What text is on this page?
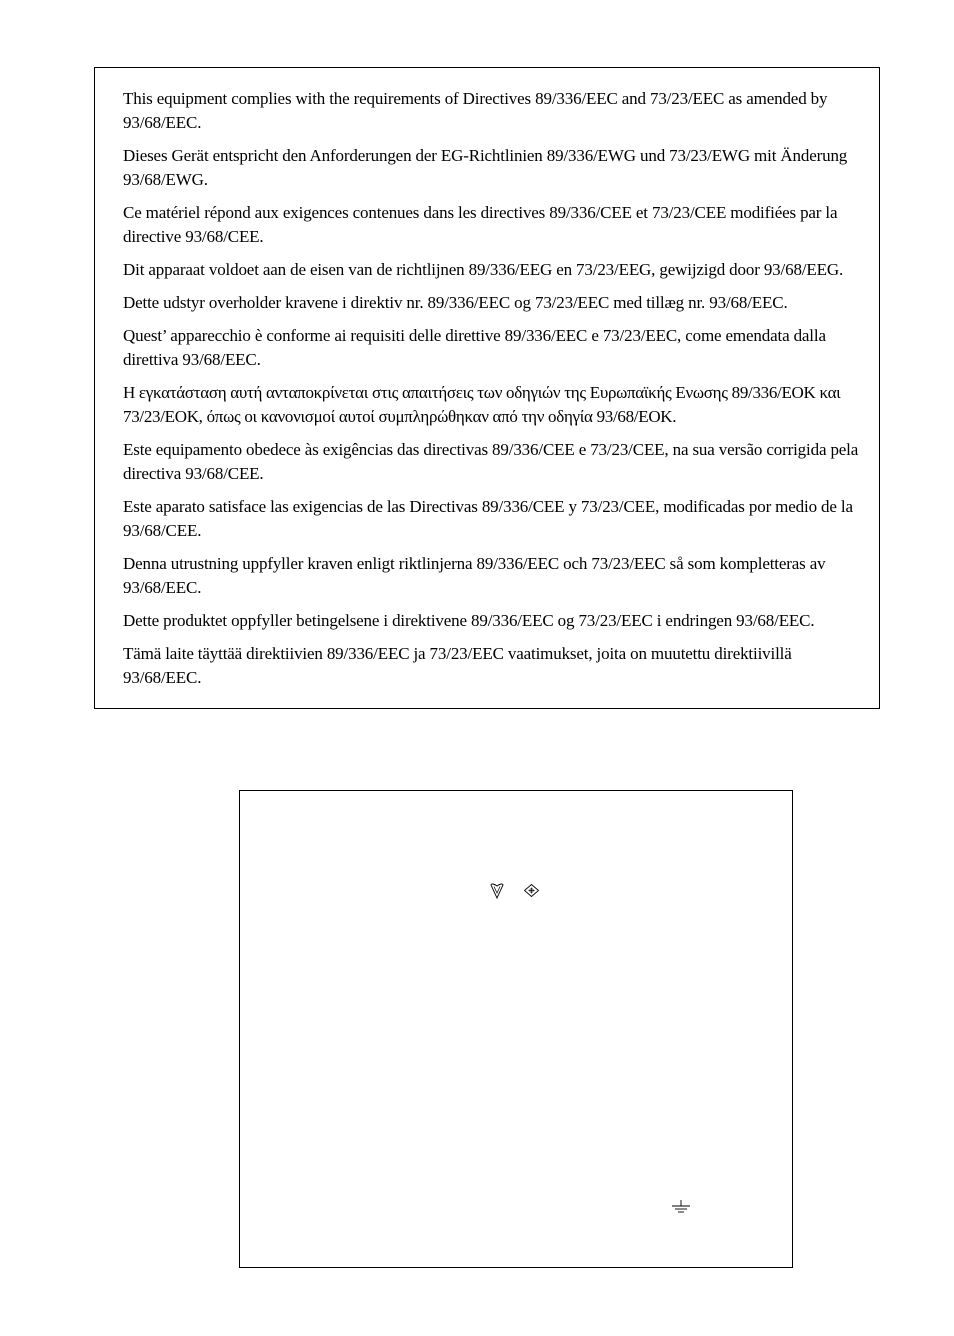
This equipment complies with the requirements of Directives 89/336/EEC and 73/23/EEC as amended by 93/68/EEC.

Dieses Gerät entspricht den Anforderungen der EG-Richtlinien 89/336/EWG und 73/23/EWG mit Änderung 93/68/EWG.

Ce matériel répond aux exigences contenues dans les directives 89/336/CEE et 73/23/CEE modifiées par la directive 93/68/CEE.

Dit apparaat voldoet aan de eisen van de richtlijnen 89/336/EEG en 73/23/EEG, gewijzigd door 93/68/EEG.

Dette udstyr overholder kravene i direktiv nr. 89/336/EEC og 73/23/EEC med tillæg nr. 93/68/EEC.

Quest’ apparecchio è conforme ai requisiti delle direttive 89/336/EEC e 73/23/EEC, come emendata dalla direttiva 93/68/EEC.

Η εγκατάσταση αυτή ανταποκρίνεται στις απαιτήσεις των οδηγιών της Ευρωπαϊκής Ενωσης 89/336/EOK και 73/23/EOK, όπως οι κανονισμοί αυτοί συμπληρώθηκαν από την οδηγία 93/68/EOK.

Este equipamento obedece às exigências das directivas 89/336/CEE e 73/23/CEE, na sua versão corrigida pela directiva 93/68/CEE.

Este aparato satisface las exigencias de las Directivas 89/336/CEE y 73/23/CEE, modificadas por medio de la 93/68/CEE.

Denna utrustning uppfyller kraven enligt riktlinjerna 89/336/EEC och 73/23/EEC så som kompletteras av 93/68/EEC.

Dette produktet oppfyller betingelsene i direktivene 89/336/EEC og 73/23/EEC i endringen 93/68/EEC.

Tämä laite täyttää direktiivien 89/336/EEC ja 73/23/EEC vaatimukset, joita on muutettu direktiivillä 93/68/EEC.
